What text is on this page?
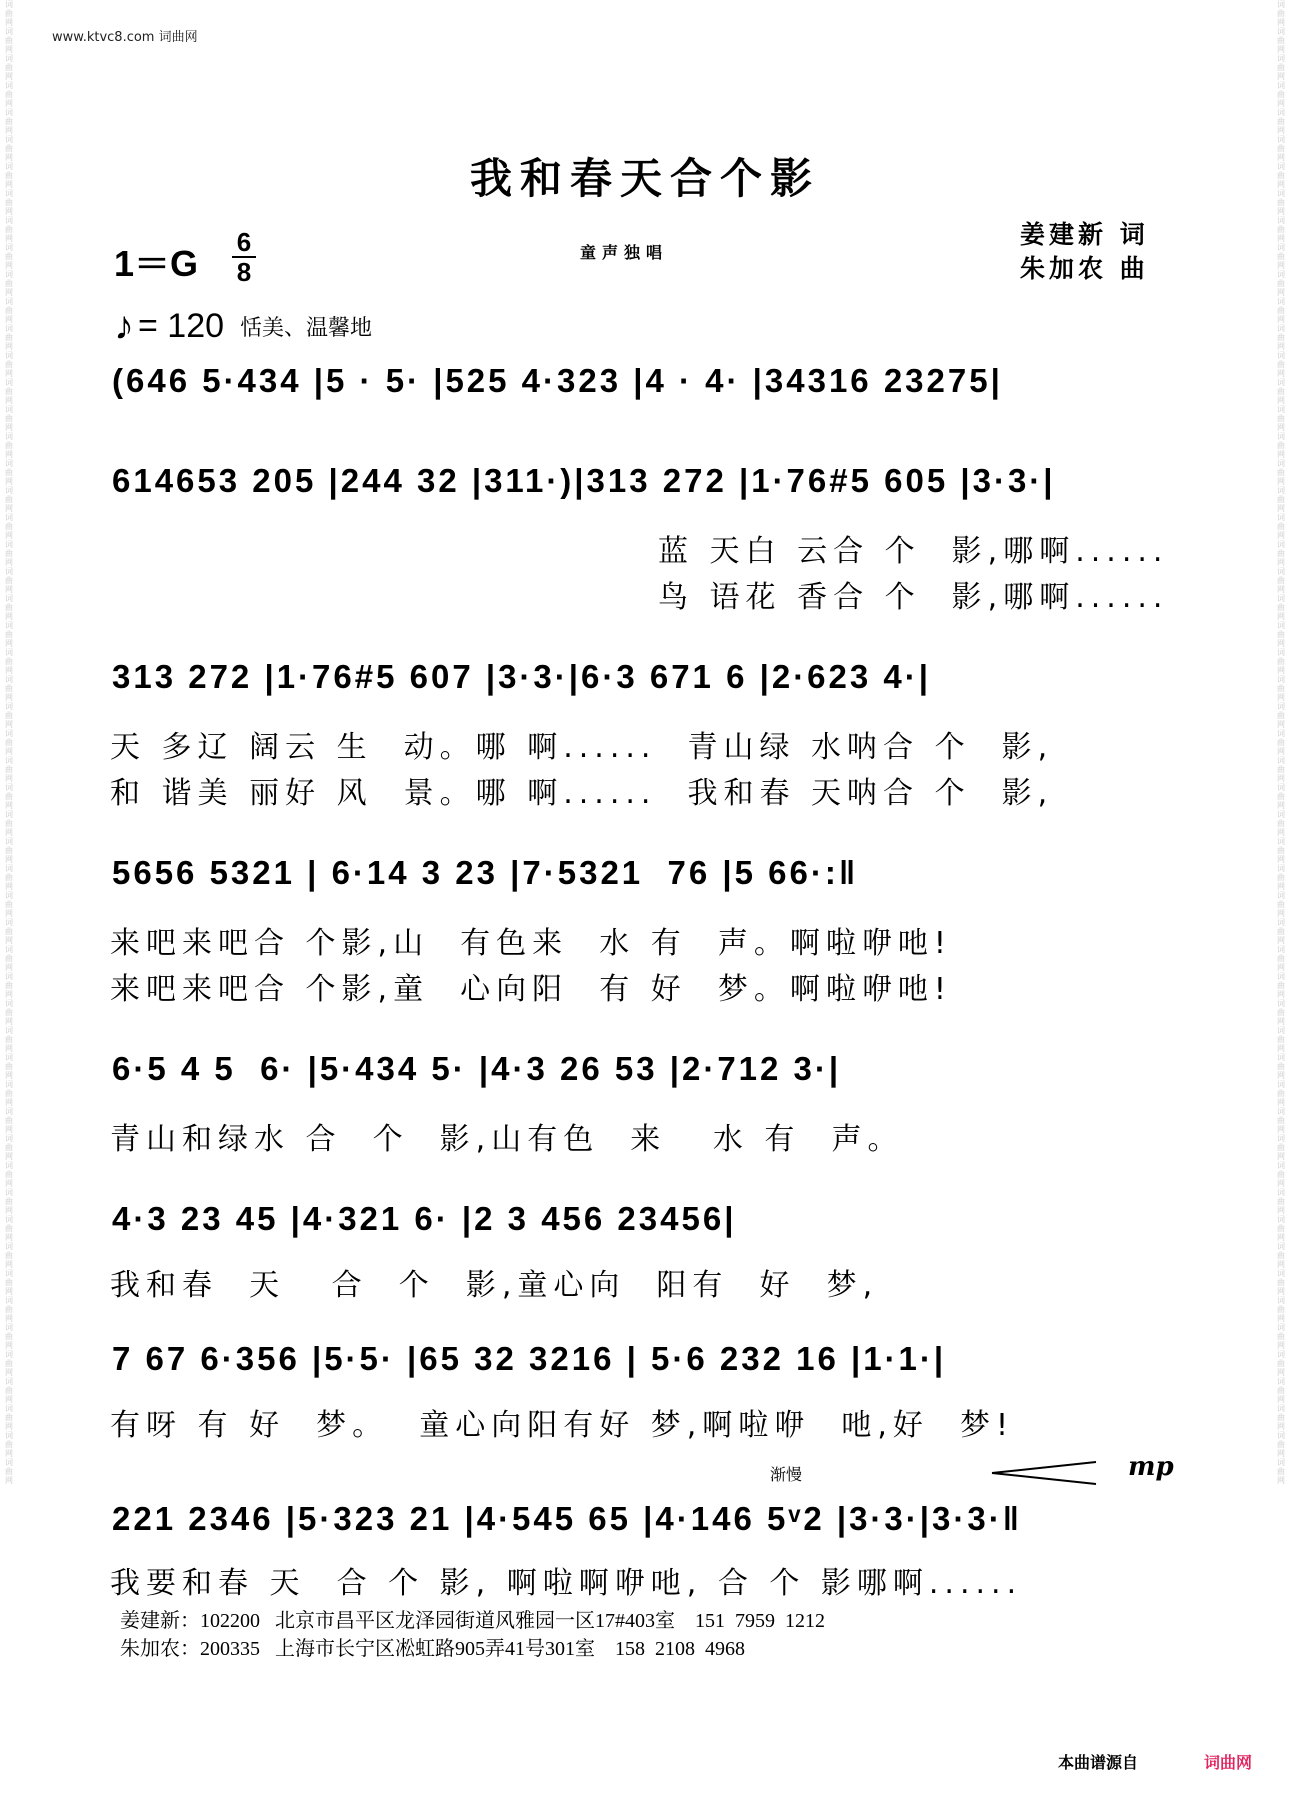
词曲网词曲网词曲网词曲网词曲网词曲网词曲网词曲网词曲网词曲网词曲网词曲网词曲网词曲网词曲网词曲网词曲网词曲网词曲网词曲网词曲网词曲网词曲网词曲网词曲网词曲网词曲网词曲网词曲网词曲网词曲网词曲网词曲网词曲网词曲网词曲网词曲网词曲网词曲网词曲网词曲网词曲网词曲网词曲网词曲网词曲网词曲网词曲网词曲网词曲网词曲网词曲网词曲网词曲网词曲网
词曲网词曲网词曲网词曲网词曲网词曲网词曲网词曲网词曲网词曲网词曲网词曲网词曲网词曲网词曲网词曲网词曲网词曲网词曲网词曲网词曲网词曲网词曲网词曲网词曲网词曲网词曲网词曲网词曲网词曲网词曲网词曲网词曲网词曲网词曲网词曲网词曲网词曲网词曲网词曲网词曲网词曲网词曲网词曲网词曲网词曲网词曲网词曲网词曲网词曲网词曲网词曲网词曲网词曲网词曲网
www.ktvc8.com 词曲网
我和春天合个影
1＝G
6
8
童声独唱
姜建新 词
朱加农 曲
♪ = 120 恬美、温馨地
(646 5·434 |5 · 5· |525 4·323 |4 · 4· |34316 23275|
614653 205 |244 32 |311·)|313 272 |1·76#5 605 |3·3·|
蓝 天白 云合 个  影,哪啊......
鸟 语花 香合 个  影,哪啊......
313 272 |1·76#5 607 |3·3·|6·3 671 6 |2·623 4·|
天 多辽 阔云 生  动。哪 啊......  青山绿 水呐合 个  影,
和 谐美 丽好 风  景。哪 啊......  我和春 天呐合 个  影,
5656 5321 | 6·14 3 23 |7·5321  76 |5 66·:‖
来吧来吧合 个影,山  有色来  水 有  声。啊啦咿吔!
来吧来吧合 个影,童  心向阳  有 好  梦。啊啦咿吔!
6·5 4 5  6· |5·434 5· |4·3 26 53 |2·712 3·|
青山和绿水 合  个  影,山有色  来   水 有  声。
4·3 23 45 |4·321 6· |2 3 456 23456|
我和春  天   合  个  影,童心向  阳有  好  梦,
7 67 6·356 |5·5· |65 32 3216 | 5·6 232 16 |1·1·|
有呀 有 好  梦。  童心向阳有好 梦,啊啦咿  吔,好  梦!
渐慢	mp
221 2346 |5·323 21 |4·545 65 |4·146 5ᵛ2 |3·3·|3·3·‖
我要和春 天  合 个 影, 啊啦啊咿吔, 合 个 影哪啊......
姜建新：102200   北京市昌平区龙泽园街道风雅园一区17#403室    151  7959  1212
朱加农：200335   上海市长宁区凇虹路905弄41号301室    158  2108  4968
本曲谱源自	词曲网
